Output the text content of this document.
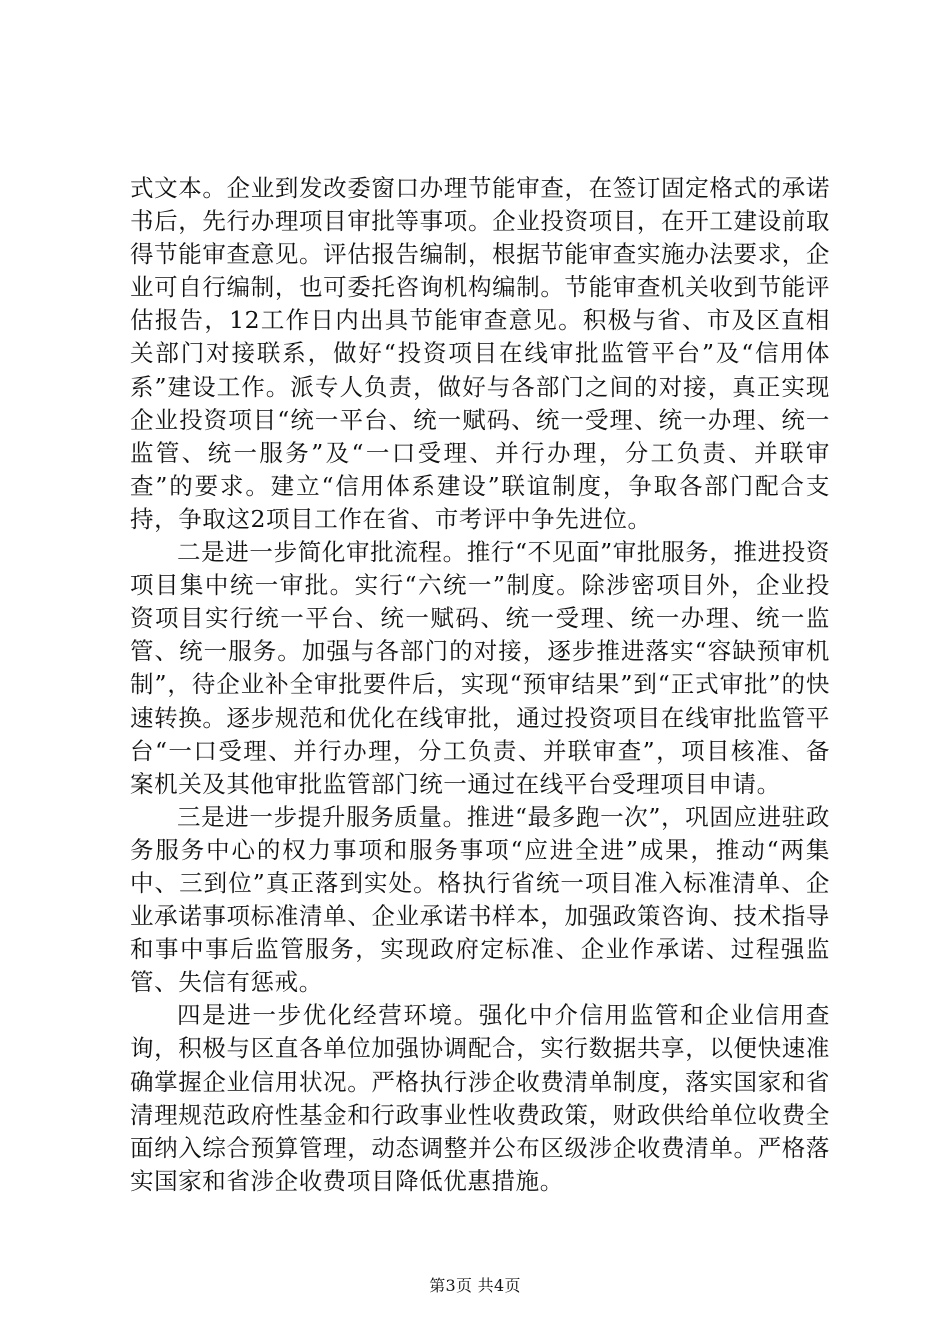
式文本。企业到发改委窗口办理节能审查，在签订固定格式的承诺书后，先行办理项目审批等事项。企业投资项目，在开工建设前取得节能审查意见。评估报告编制，根据节能审查实施办法要求，企业可自行编制，也可委托咨询机构编制。节能审查机关收到节能评估报告，12工作日内出具节能审查意见。积极与省、市及区直相关部门对接联系，做好“投资项目在线审批监管平台”及“信用体系”建设工作。派专人负责，做好与各部门之间的对接，真正实现企业投资项目“统一平台、统一赋码、统一受理、统一办理、统一监管、统一服务”及“一口受理、并行办理，分工负责、并联审查”的要求。建立“信用体系建设”联谊制度，争取各部门配合支持，争取这2项目工作在省、市考评中争先进位。

二是进一步简化审批流程。推行“不见面”审批服务，推进投资项目集中统一审批。实行“六统一”制度。除涉密项目外，企业投资项目实行统一平台、统一赋码、统一受理、统一办理、统一监管、统一服务。加强与各部门的对接，逐步推进落实“容缺预审机制”，待企业补全审批要件后，实现“预审结果”到“正式审批”的快速转换。逐步规范和优化在线审批，通过投资项目在线审批监管平台“一口受理、并行办理，分工负责、并联审查”，项目核准、备案机关及其他审批监管部门统一通过在线平台受理项目申请。

三是进一步提升服务质量。推进“最多跑一次”，巩固应进驻政务服务中心的权力事项和服务事项“应进全进”成果，推动“两集中、三到位”真正落到实处。格执行省统一项目准入标准清单、企业承诺事项标准清单、企业承诺书样本，加强政策咨询、技术指导和事中事后监管服务，实现政府定标准、企业作承诺、过程强监管、失信有惩戒。

四是进一步优化经营环境。强化中介信用监管和企业信用查询，积极与区直各单位加强协调配合，实行数据共享，以便快速准确掌握企业信用状况。严格执行涉企收费清单制度，落实国家和省清理规范政府性基金和行政事业性收费政策，财政供给单位收费全面纳入综合预算管理，动态调整并公布区级涉企收费清单。严格落实国家和省涉企收费项目降低优惠措施。

第3页 共4页
